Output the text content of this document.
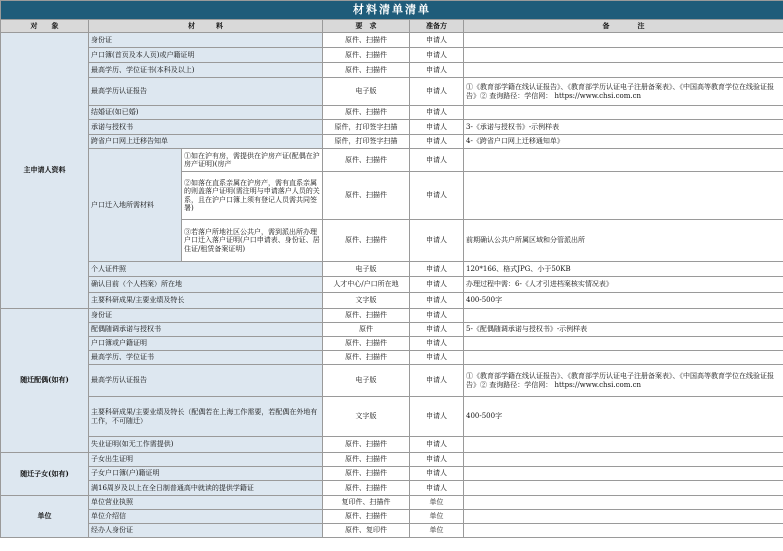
材料清单清单					
对　　象	材　　　料		要　求	准备方	备　　　　注
主申请人资料	身份证		原件、扫描件	申请人	
	户口簿(首页及本人页)或户籍证明		原件、扫描件	申请人	
	最高学历、学位证书(本科及以上)		原件、扫描件	申请人	
	最高学历认证报告		电子版	申请人	①《教育部学籍在线认证报告》、《教育部学历认证电子注册备案表》、《中国高等教育学位在线验证报告》② 查询路径：学信网： https://www.chsi.com.cn
	结婚证(如已婚)		原件、扫描件	申请人	
	承诺与授权书		原件，打印签字扫描	申请人	3-《承诺与授权书》-示例样表
	跨省户口网上迁移告知单		原件，打印签字扫描	申请人	4-《跨省户口网上迁移通知单》
	户口迁入地所需材料	①如在沪有房，需提供在沪房产证(配偶在沪房产证明)(房产	原件、扫描件	申请人	
		②如落在直系亲属在沪房产，需有直系亲属的则盖落户证明(需注明与申请落户人员的关系，且在沪户口簿上须有登记人员需共同签署)	原件、扫描件	申请人	
		③若落户所地社区公共户，需到派出所办理户口迁入落户证明(户口申请表、身份证、居住证/租赁备案证明)	原件、扫描件	申请人	前期确认公共户所属区域和分管派出所
	个人证件照		电子版	申请人	120*166、格式JPG、小于50KB
	确认目前（个人档案）所在地		人才中心/户口所在地	申请人	办理过程中需：6-《人才引进档案核实情况表》
	主要科研成果/主要业绩及特长		文字版	申请人	400-500字
随迁配偶(如有)	身份证		原件、扫描件	申请人	
	配偶随调承诺与授权书		原件	申请人	5-《配偶随调承诺与授权书》-示例样表
	户口簿或户籍证明		原件、扫描件	申请人	
	最高学历、学位证书		原件、扫描件	申请人	
	最高学历认证报告		电子版	申请人	①《教育部学籍在线认证报告》、《教育部学历认证电子注册备案表》、《中国高等教育学位在线验证报告》② 查询路径：学信网： https://www.chsi.com.cn
	主要科研成果/主要业绩及特长（配偶若在上海工作需要，若配偶在外地有工作，不可随迁）		文字版	申请人	400-500字
	失业证明(如无工作需提供)		原件、扫描件	申请人	
随迁子女(如有)	子女出生证明		原件、扫描件	申请人	
	子女户口簿(户)籍证明		原件、扫描件	申请人	
	满16周岁及以上在全日制普通高中就读的提供学籍证		原件、扫描件	申请人	
单位	单位营业执照		复印件、扫描件	单位	
	单位介绍信		原件、扫描件	单位	
	经办人身份证		原件、复印件	单位	
